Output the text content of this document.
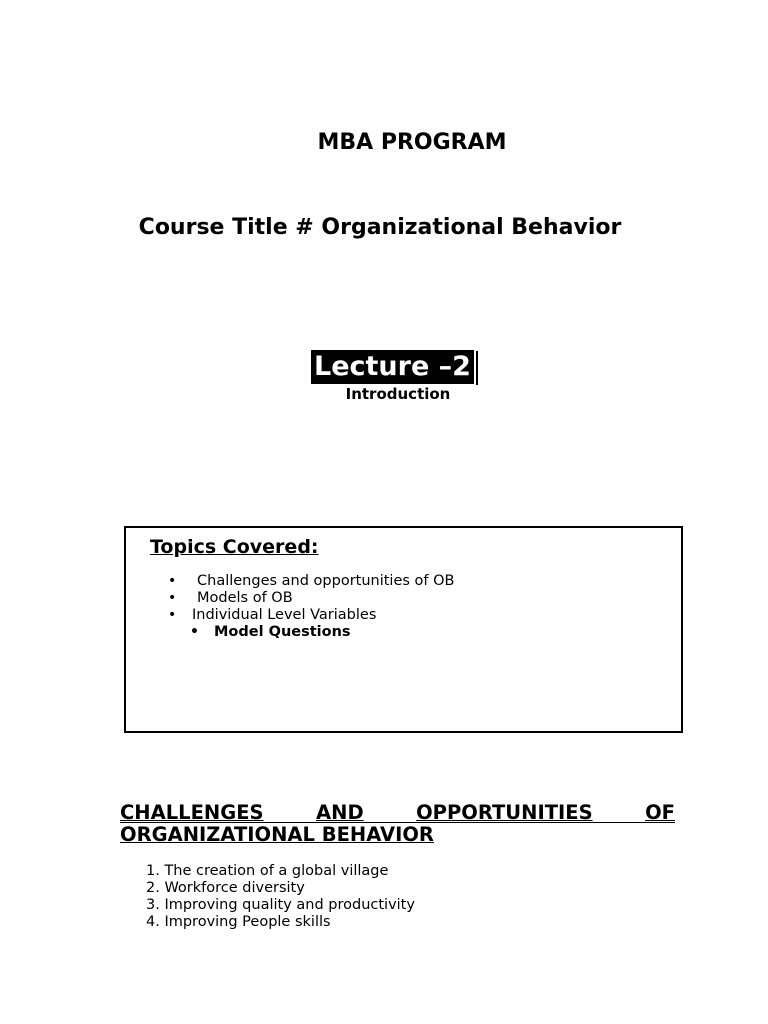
MBA PROGRAM
Course Title # Organizational Behavior
Lecture –2
Introduction
Topics Covered:
• Challenges and opportunities of OB
• Models of OB
• Individual Level Variables
• Model Questions
CHALLENGES	AND	OPPORTUNITIES	OF
ORGANIZATIONAL BEHAVIOR
1. The creation of a global village
2. Workforce diversity
3. Improving quality and productivity
4. Improving People skills
